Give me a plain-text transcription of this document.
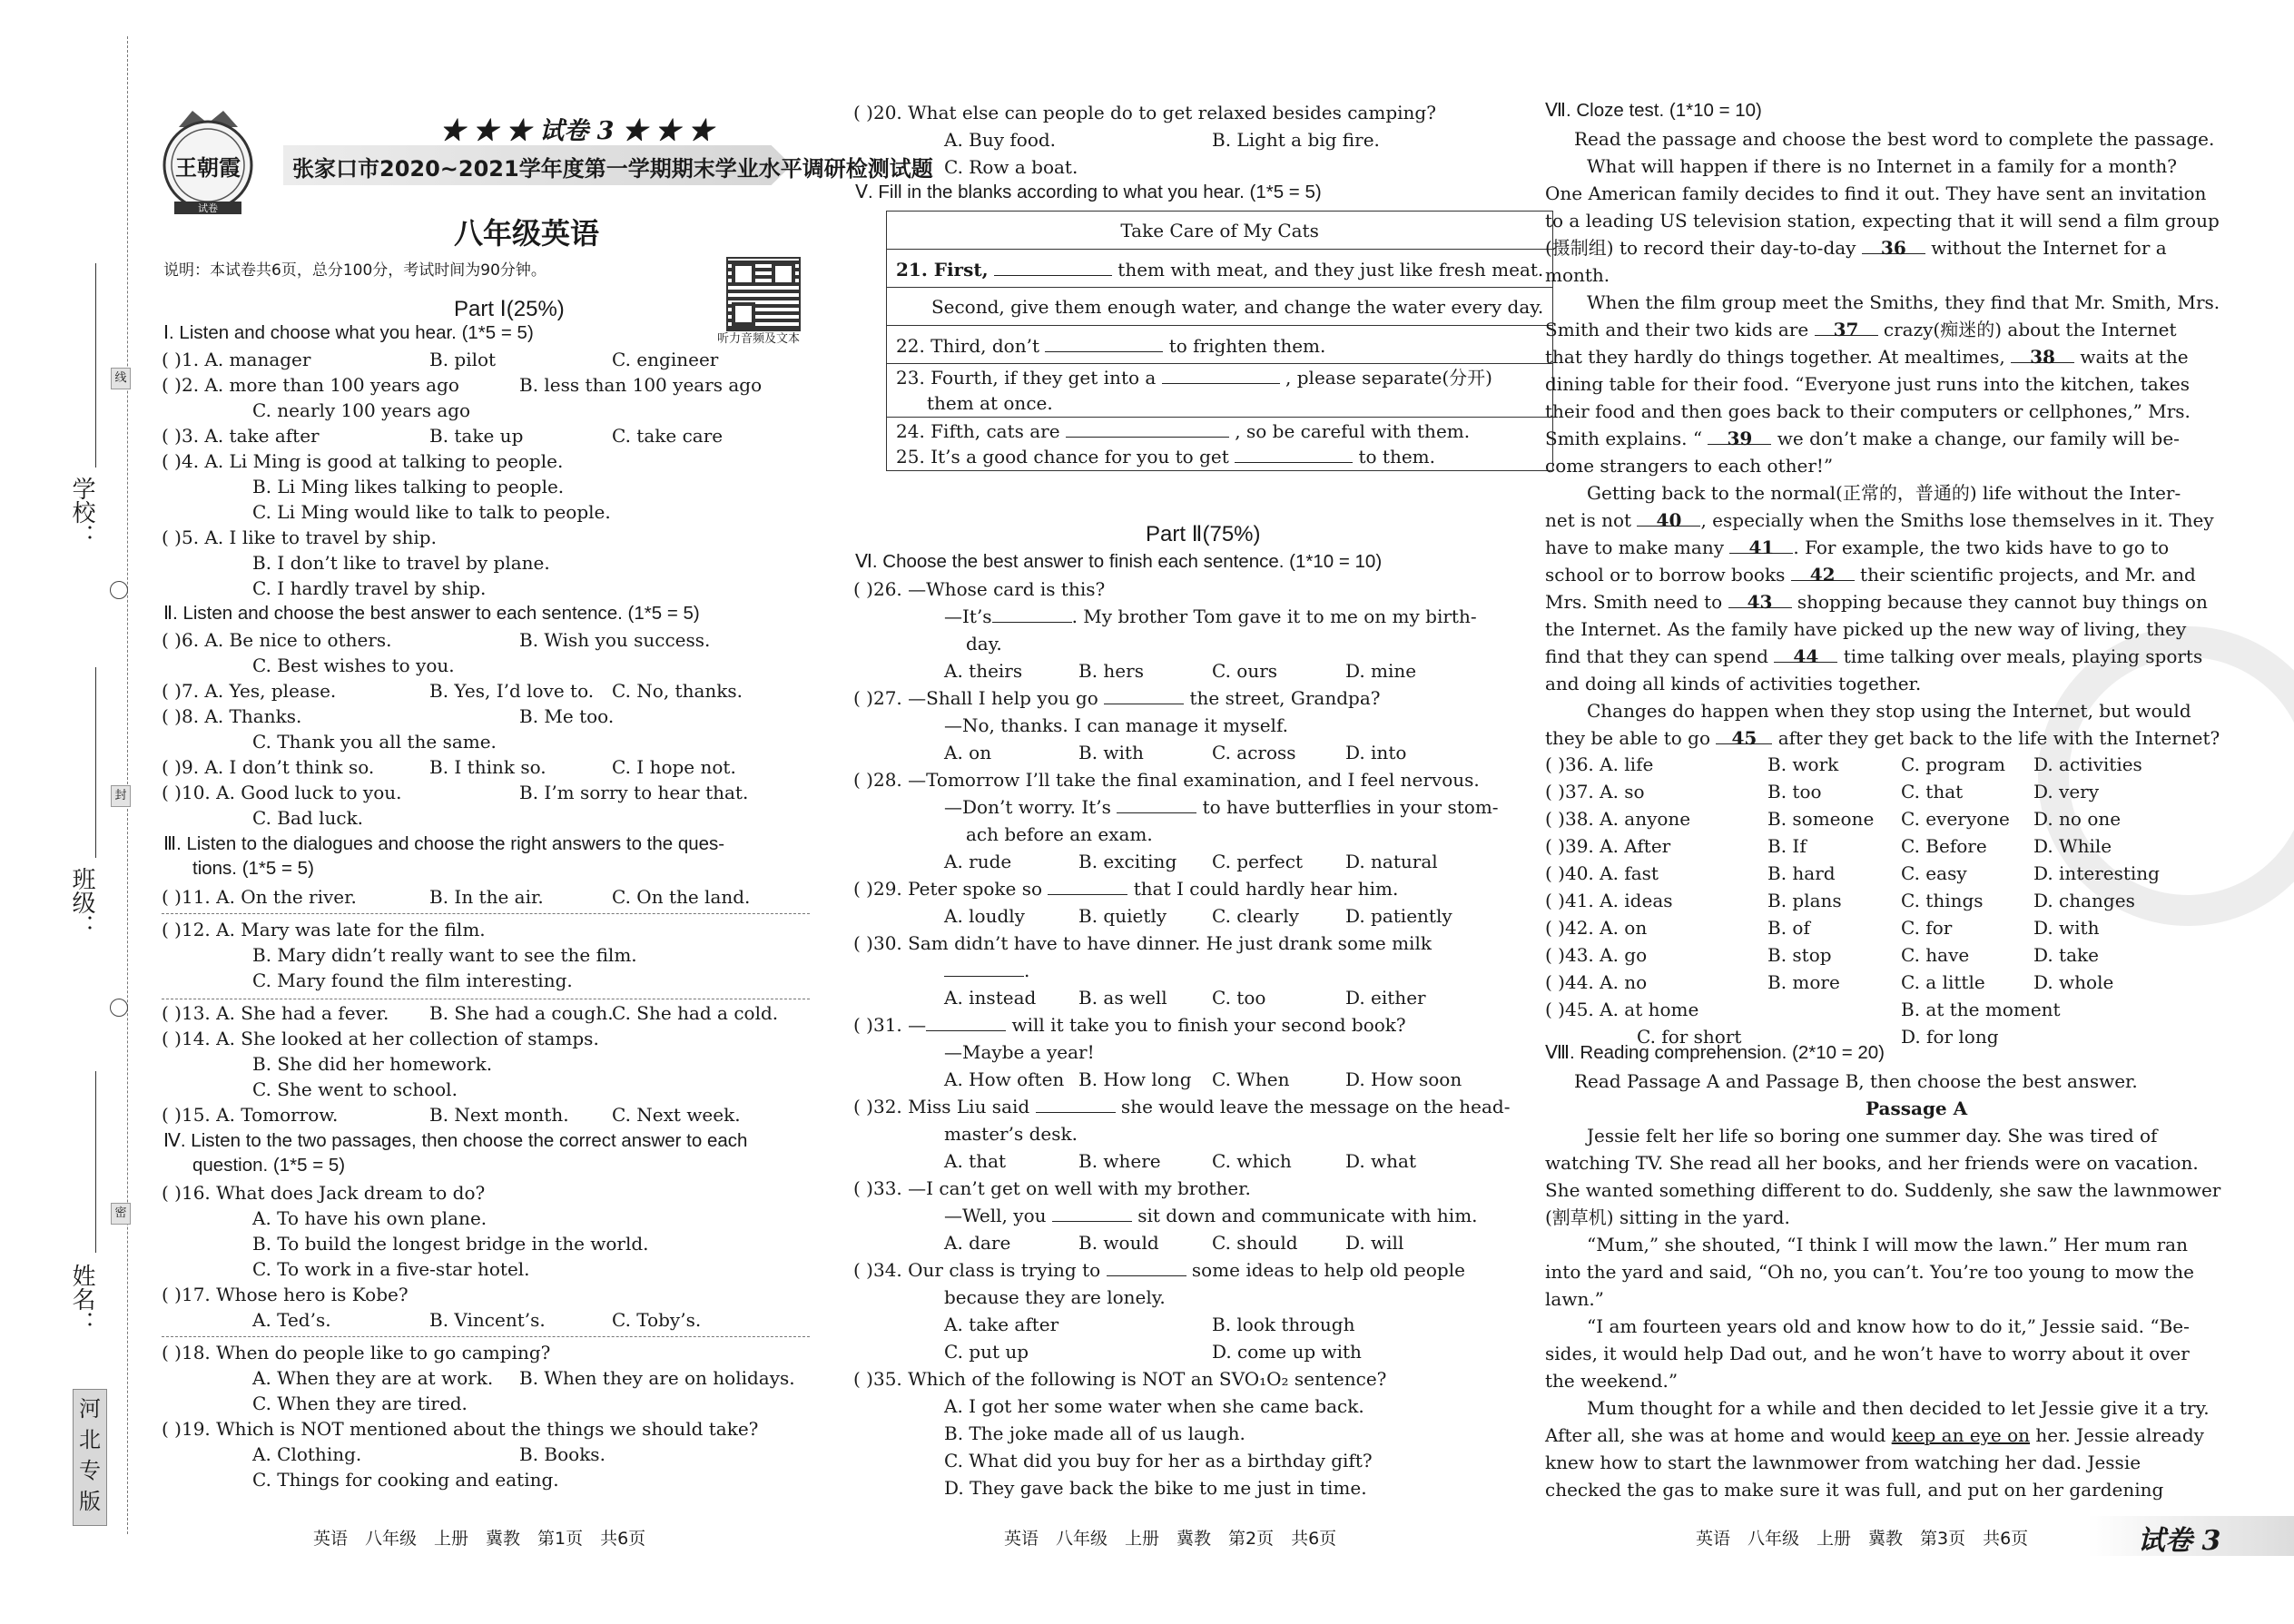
学校：
班级：
姓名：
线
封
密
河
北
专
版
王朝霞
试卷
★ ★ ★ 试卷 3 ★ ★ ★
张家口市2020~2021学年度第一学期期末学业水平调研检测试题
八年级英语
说明：本试卷共6页，总分100分，考试时间为90分钟。
听力音频及文本
Part Ⅰ(25%)
Ⅰ. Listen and choose what you hear. (1*5 = 5)
( )1. A. manager	B. pilot	C. engineer
( )2. A. more than 100 years ago	B. less than 100 years ago
C. nearly 100 years ago
( )3. A. take after	B. take up	C. take care
( )4. A. Li Ming is good at talking to people.
B. Li Ming likes talking to people.
C. Li Ming would like to talk to people.
( )5. A. I like to travel by ship.
B. I don’t like to travel by plane.
C. I hardly travel by ship.
Ⅱ. Listen and choose the best answer to each sentence. (1*5 = 5)
( )6. A. Be nice to others.	B. Wish you success.
C. Best wishes to you.
( )7. A. Yes, please.	B. Yes, I’d love to. C. No, thanks.
( )8. A. Thanks.	B. Me too.
C. Thank you all the same.
( )9. A. I don’t think so.	B. I think so.	C. I hope not.
( )10. A. Good luck to you.	B. I’m sorry to hear that.
C. Bad luck.
Ⅲ. Listen to the dialogues and choose the right answers to the ques-
tions. (1*5 = 5)
( )11. A. On the river.	B. In the air.	C. On the land.
( )12. A. Mary was late for the film.
B. Mary didn’t really want to see the film.
C. Mary found the film interesting.
( )13. A. She had a fever. B. She had a cough.
C. She had a cold.
( )14. A. She looked at her collection of stamps.
B. She did her homework.
C. She went to school.
( )15. A. Tomorrow.	B. Next month. C. Next week.
Ⅳ. Listen to the two passages, then choose the correct answer to each
question. (1*5 = 5)
( )16. What does Jack dream to do?
A. To have his own plane.
B. To build the longest bridge in the world.
C. To work in a five-star hotel.
( )17. Whose hero is Kobe?
A. Ted’s.	B. Vincent’s.	C. Toby’s.
( )18. When do people like to go camping?
A. When they are at work. B. When they are on holidays.
C. When they are tired.
( )19. Which is NOT mentioned about the things we should take?
A. Clothing.	B. Books.
C. Things for cooking and eating.
英语　八年级　上册　冀教　第1页　共6页
( )20. What else can people do to get relaxed besides camping?
A. Buy food.	B. Light a big fire.
C. Row a boat.
Ⅴ. Fill in the blanks according to what you hear. (1*5 = 5)
Take Care of My Cats
21. First,	them with meat, and they just like fresh meat.
Second, give them enough water, and change the water every day.
22. Third, don’t	to frighten them.
23. Fourth, if they get into a	, please separate(分开)
them at once.
24. Fifth, cats are	, so be careful with them.
25. It’s a good chance for you to get	to them.
Part Ⅱ(75%)
Ⅵ. Choose the best answer to finish each sentence. (1*10 = 10)
( )26. —Whose card is this?
—It’s	. My brother Tom gave it to me on my birth-
day.
A. theirs	B. hers	C. ours	D. mine
( )27. —Shall I help you go	the street, Grandpa?
—No, thanks. I can manage it myself.
A. on	B. with	C. across	D. into
( )28. —Tomorrow I’ll take the final examination, and I feel nervous.
—Don’t worry. It’s	to have butterflies in your stom-
ach before an exam.
A. rude	B. exciting C. perfect D. natural
( )29. Peter spoke so	that I could hardly hear him.
A. loudly	B. quietly C. clearly	D. patiently
( )30. Sam didn’t have to have dinner. He just drank some milk
.
A. instead B. as well C. too	D. either
( )31. —	will it take you to finish your second book?
—Maybe a year!
A. How often B. How long C. When	D. How soon
( )32. Miss Liu said	she would leave the message on the head-
master’s desk.
A. that	B. where	C. which	D. what
( )33. —I can’t get on well with my brother.
—Well, you	sit down and communicate with him.
A. dare	B. would	C. should	D. will
( )34. Our class is trying to	some ideas to help old people
because they are lonely.
A. take after	B. look through
C. put up	D. come up with
( )35. Which of the following is NOT an SVO₁O₂ sentence?
A. I got her some water when she came back.
B. The joke made all of us laugh.
C. What did you buy for her as a birthday gift?
D. They gave back the bike to me just in time.
英语　八年级　上册　冀教　第2页　共6页
Ⅶ. Cloze test. (1*10 = 10)
Read the passage and choose the best word to complete the passage.
What will happen if there is no Internet in a family for a month?
One American family decides to find it out. They have sent an invitation
to a leading US television station, expecting that it will send a film group
(摄制组) to record their day-to-day 36 without the Internet for a
month.
When the film group meet the Smiths, they find that Mr. Smith, Mrs.
Smith and their two kids are 37 crazy(痴迷的) about the Internet
that they hardly do things together. At mealtimes, 38 waits at the
dining table for their food. “Everyone just runs into the kitchen, takes
their food and then goes back to their computers or cellphones,” Mrs.
Smith explains. “ 39 we don’t make a change, our family will be-
come strangers to each other!”
Getting back to the normal(正常的，普通的) life without the Inter-
net is not 40 , especially when the Smiths lose themselves in it. They
have to make many 41 . For example, the two kids have to go to
school or to borrow books 42 their scientific projects, and Mr. and
Mrs. Smith need to 43 shopping because they cannot buy things on
the Internet. As the family have picked up the new way of living, they
find that they can spend 44 time talking over meals, playing sports
and doing all kinds of activities together.
Changes do happen when they stop using the Internet, but would
they be able to go 45 after they get back to the life with the Internet?
( )36. A. life	B. work	C. program D. activities
( )37. A. so	B. too	C. that	D. very
( )38. A. anyone	B. someone C. everyone D. no one
( )39. A. After	B. If	C. Before	D. While
( )40. A. fast	B. hard	C. easy	D. interesting
( )41. A. ideas	B. plans	C. things	D. changes
( )42. A. on	B. of	C. for	D. with
( )43. A. go	B. stop	C. have	D. take
( )44. A. no	B. more	C. a little	D. whole
( )45. A. at home	B. at the moment
C. for short	D. for long
Ⅷ. Reading comprehension. (2*10 = 20)
Read Passage A and Passage B, then choose the best answer.
Passage A
Jessie felt her life so boring one summer day. She was tired of
watching TV. She read all her books, and her friends were on vacation.
She wanted something different to do. Suddenly, she saw the lawnmower
(割草机) sitting in the yard.
“Mum,” she shouted, “I think I will mow the lawn.” Her mum ran
into the yard and said, “Oh no, you can’t. You’re too young to mow the
lawn.”
“I am fourteen years old and know how to do it,” Jessie said. “Be-
sides, it would help Dad out, and he won’t have to worry about it over
the weekend.”
Mum thought for a while and then decided to let Jessie give it a try.
After all, she was at home and would keep an eye on her. Jessie already
knew how to start the lawnmower from watching her dad. Jessie
checked the gas to make sure it was full, and put on her gardening
英语　八年级　上册　冀教　第3页　共6页	试卷 3
